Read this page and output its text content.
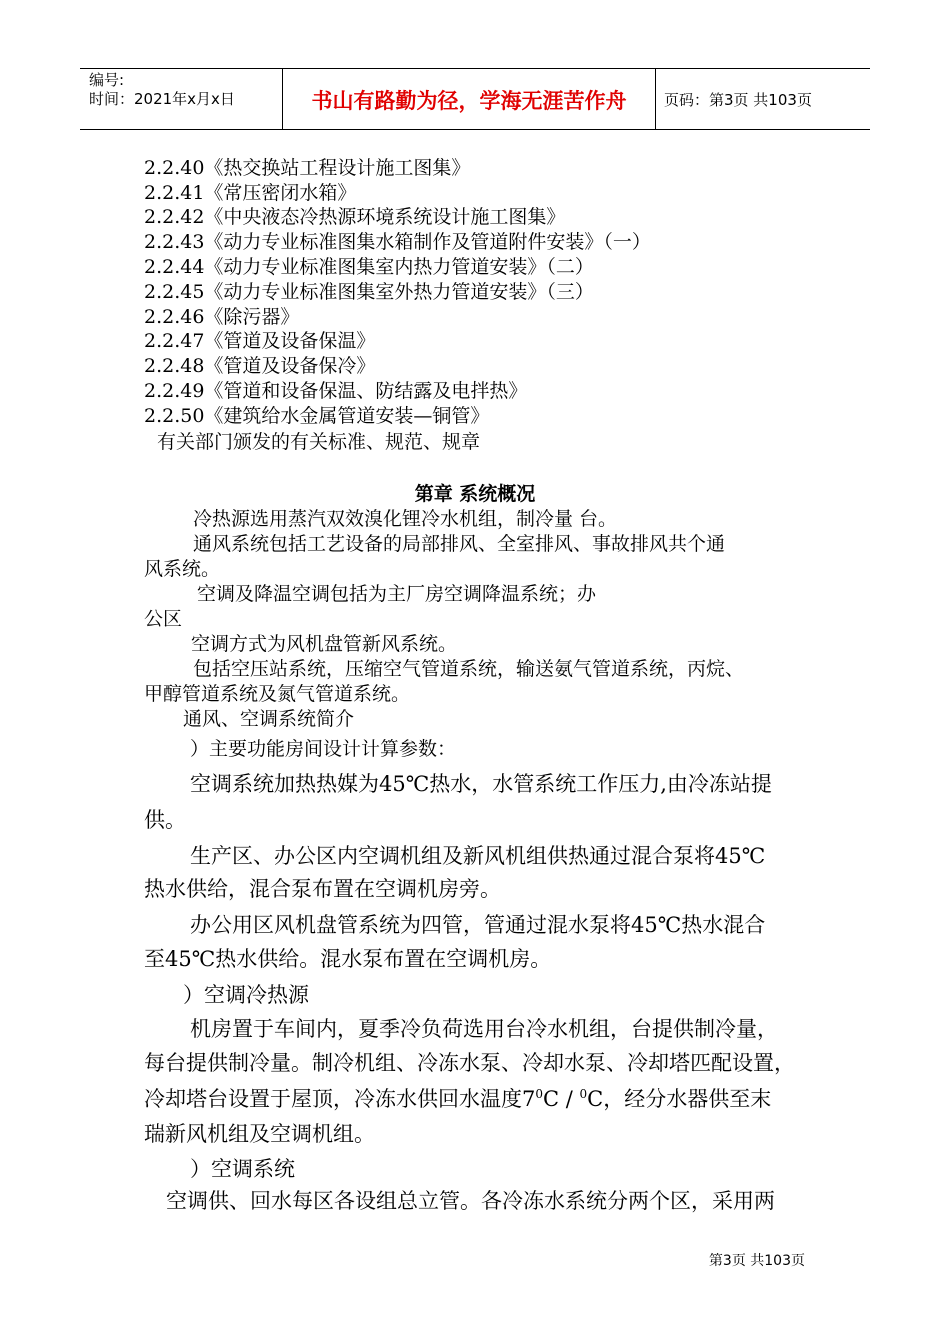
编号:
时间：2021年x月x日	书山有路勤为径，学海无涯苦作舟	页码：第3页 共103页
2.2.40《热交换站工程设计施工图集》
2.2.41《常压密闭水箱》
2.2.42《中央液态冷热源环境系统设计施工图集》
2.2.43《动力专业标准图集水箱制作及管道附件安装》（一）
2.2.44《动力专业标准图集室内热力管道安装》（二）
2.2.45《动力专业标准图集室外热力管道安装》（三）
2.2.46《除污器》
2.2.47《管道及设备保温》
2.2.48《管道及设备保冷》
2.2.49《管道和设备保温、防结露及电拌热》
2.2.50《建筑给水金属管道安装—铜管》
有关部门颁发的有关标准、规范、规章
第章 系统概况
冷热源选用蒸汽双效溴化锂冷水机组，制冷量 台。
通风系统包括工艺设备的局部排风、全室排风、事故排风共个通
风系统。
空调及降温空调包括为主厂房空调降温系统；办
公区
空调方式为风机盘管新风系统。
包括空压站系统，压缩空气管道系统，输送氨气管道系统，丙烷、
甲醇管道系统及氮气管道系统。
通风、空调系统简介
）主要功能房间设计计算参数：
空调系统加热热媒为45℃热水，水管系统工作压力,由冷冻站提
供。
生产区、办公区内空调机组及新风机组供热通过混合泵将45℃
热水供给，混合泵布置在空调机房旁。
办公用区风机盘管系统为四管，管通过混水泵将45℃热水混合
至45℃热水供给。混水泵布置在空调机房。
）空调冷热源
机房置于车间内，夏季冷负荷选用台冷水机组，台提供制冷量，
每台提供制冷量。制冷机组、冷冻水泵、冷却水泵、冷却塔匹配设置，
冷却塔台设置于屋顶，冷冻水供回水温度$7^0C / ^0C$，经分水器供至末
瑞新风机组及空调机组。
）空调系统
空调供、回水每区各设组总立管。各冷冻水系统分两个区，采用两
第3页 共103页
